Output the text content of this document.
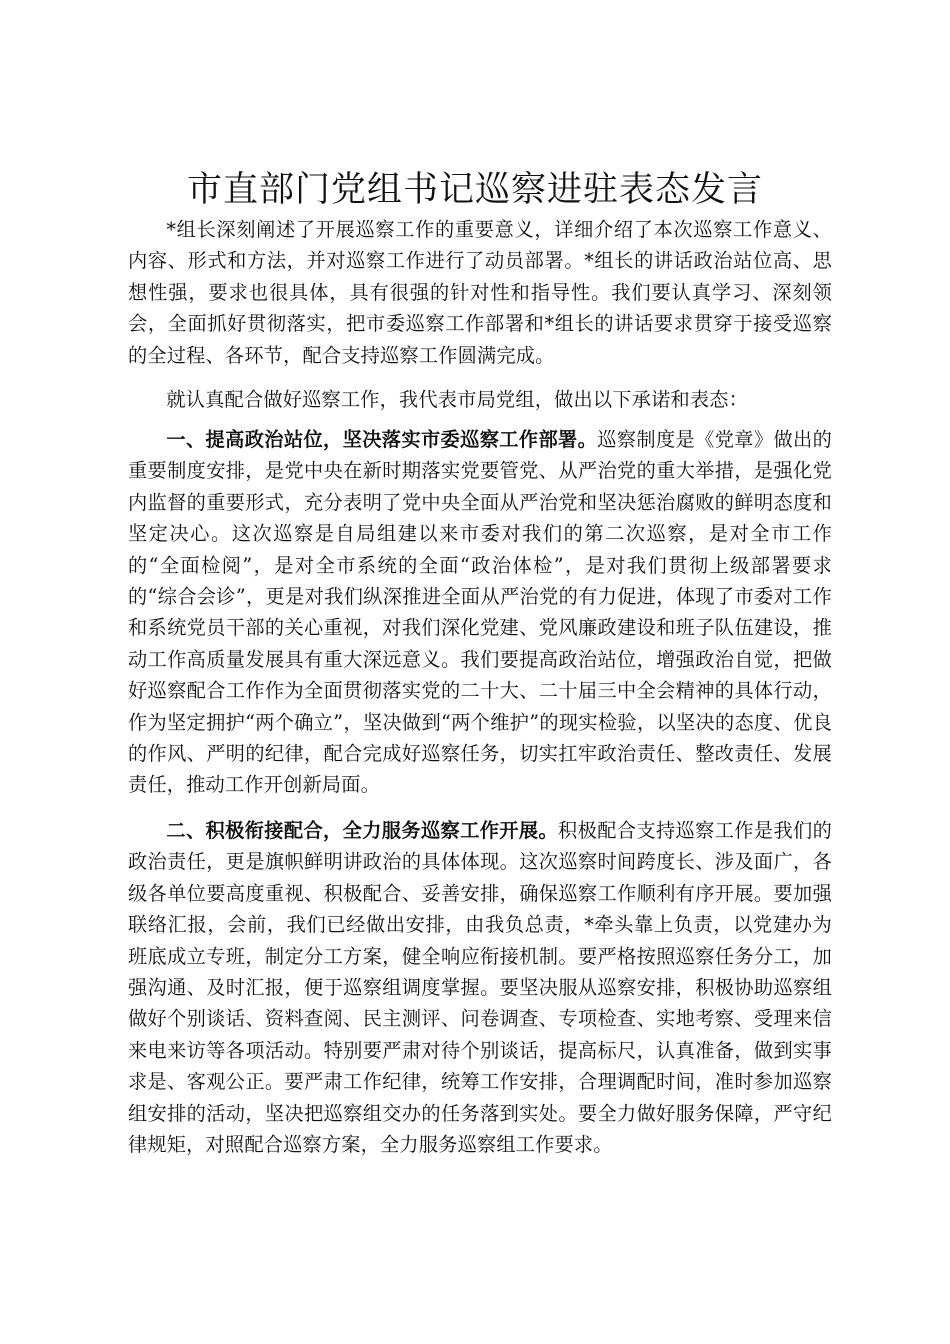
市直部门党组书记巡察进驻表态发言

*组长深刻阐述了开展巡察工作的重要意义，详细介绍了本次巡察工作意义、内容、形式和方法，并对巡察工作进行了动员部署。*组长的讲话政治站位高、思想性强，要求也很具体，具有很强的针对性和指导性。我们要认真学习、深刻领会，全面抓好贯彻落实，把市委巡察工作部署和*组长的讲话要求贯穿于接受巡察的全过程、各环节，配合支持巡察工作圆满完成。

就认真配合做好巡察工作，我代表市局党组，做出以下承诺和表态：

一、提高政治站位，坚决落实市委巡察工作部署。巡察制度是《党章》做出的重要制度安排，是党中央在新时期落实党要管党、从严治党的重大举措，是强化党内监督的重要形式，充分表明了党中央全面从严治党和坚决惩治腐败的鲜明态度和坚定决心。这次巡察是自局组建以来市委对我们的第二次巡察，是对全市工作的“全面检阅”，是对全市系统的全面“政治体检”，是对我们贯彻上级部署要求的“综合会诊”，更是对我们纵深推进全面从严治党的有力促进，体现了市委对工作和系统党员干部的关心重视，对我们深化党建、党风廉政建设和班子队伍建设，推动工作高质量发展具有重大深远意义。我们要提高政治站位，增强政治自觉，把做好巡察配合工作作为全面贯彻落实党的二十大、二十届三中全会精神的具体行动，作为坚定拥护“两个确立”，坚决做到“两个维护”的现实检验，以坚决的态度、优良的作风、严明的纪律，配合完成好巡察任务，切实扛牢政治责任、整改责任、发展责任，推动工作开创新局面。

二、积极衔接配合，全力服务巡察工作开展。积极配合支持巡察工作是我们的政治责任，更是旗帜鲜明讲政治的具体体现。这次巡察时间跨度长、涉及面广，各级各单位要高度重视、积极配合、妥善安排，确保巡察工作顺利有序开展。要加强联络汇报，会前，我们已经做出安排，由我负总责，*牵头靠上负责，以党建办为班底成立专班，制定分工方案，健全响应衔接机制。要严格按照巡察任务分工，加强沟通、及时汇报，便于巡察组调度掌握。要坚决服从巡察安排，积极协助巡察组做好个别谈话、资料查阅、民主测评、问卷调查、专项检查、实地考察、受理来信来电来访等各项活动。特别要严肃对待个别谈话，提高标尺，认真准备，做到实事求是、客观公正。要严肃工作纪律，统筹工作安排，合理调配时间，准时参加巡察组安排的活动，坚决把巡察组交办的任务落到实处。要全力做好服务保障，严守纪律规矩，对照配合巡察方案，全力服务巡察组工作要求。
